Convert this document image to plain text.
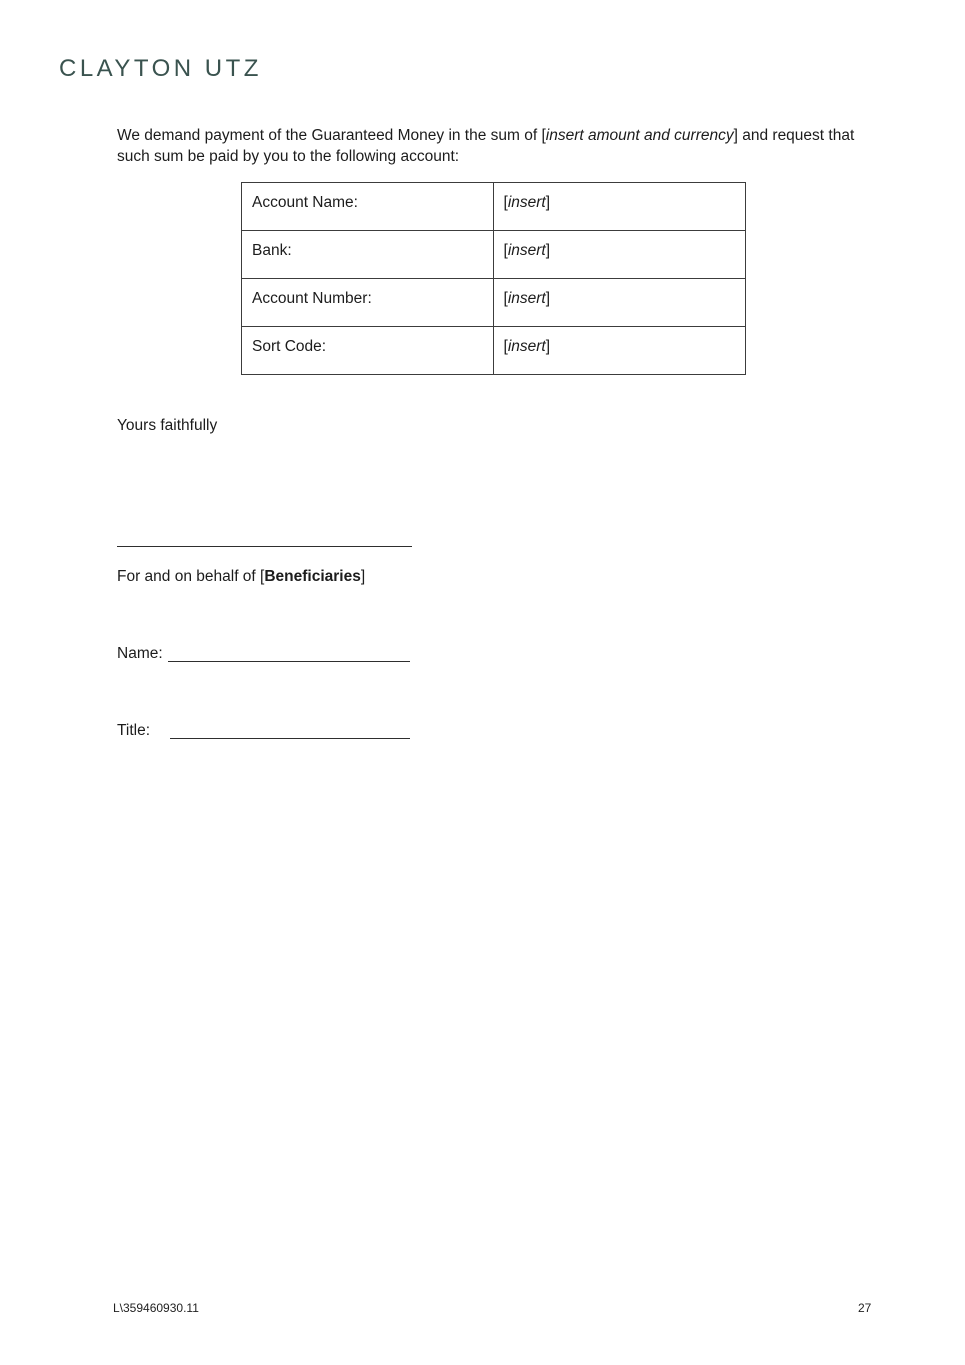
CLAYTON UTZ

We demand payment of the Guaranteed Money in the sum of [insert amount and currency] and request that such sum be paid by you to the following account:

Account Name:	[insert]
Bank:	[insert]
Account Number:	[insert]
Sort Code:	[insert]
Yours faithfully

For and on behalf of [Beneficiaries]

Name:
Title:
L\359460930.11	27
